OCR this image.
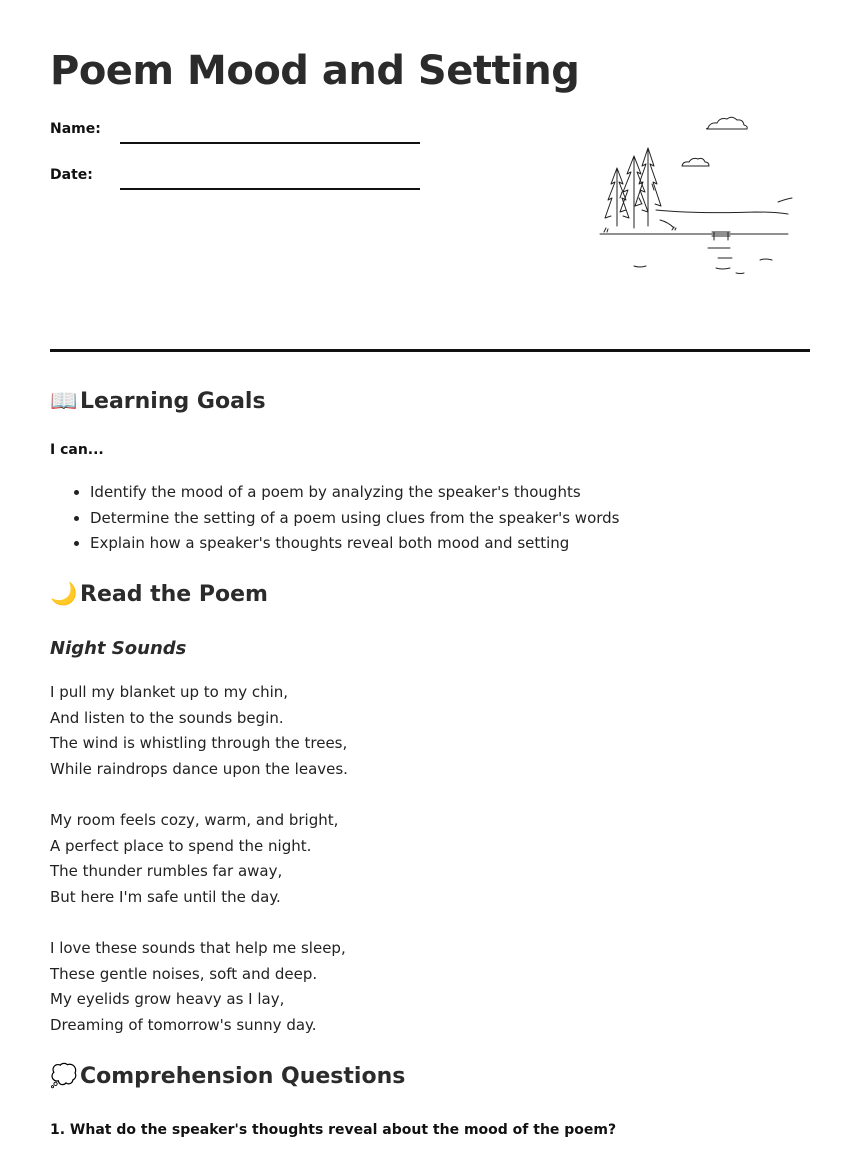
Poem Mood and Setting
Name:
Date:
📖 Learning Goals

I can...

• Identify the mood of a poem by analyzing the speaker's thoughts
• Determine the setting of a poem using clues from the speaker's words
• Explain how a speaker's thoughts reveal both mood and setting
🌙 Read the Poem
Night Sounds
I pull my blanket up to my chin,
And listen to the sounds begin.
The wind is whistling through the trees,
While raindrops dance upon the leaves.
My room feels cozy, warm, and bright,
A perfect place to spend the night.
The thunder rumbles far away,
But here I'm safe until the day.
I love these sounds that help me sleep,
These gentle noises, soft and deep.
My eyelids grow heavy as I lay,
Dreaming of tomorrow's sunny day.
💭 Comprehension Questions

1. What do the speaker's thoughts reveal about the mood of the poem?
